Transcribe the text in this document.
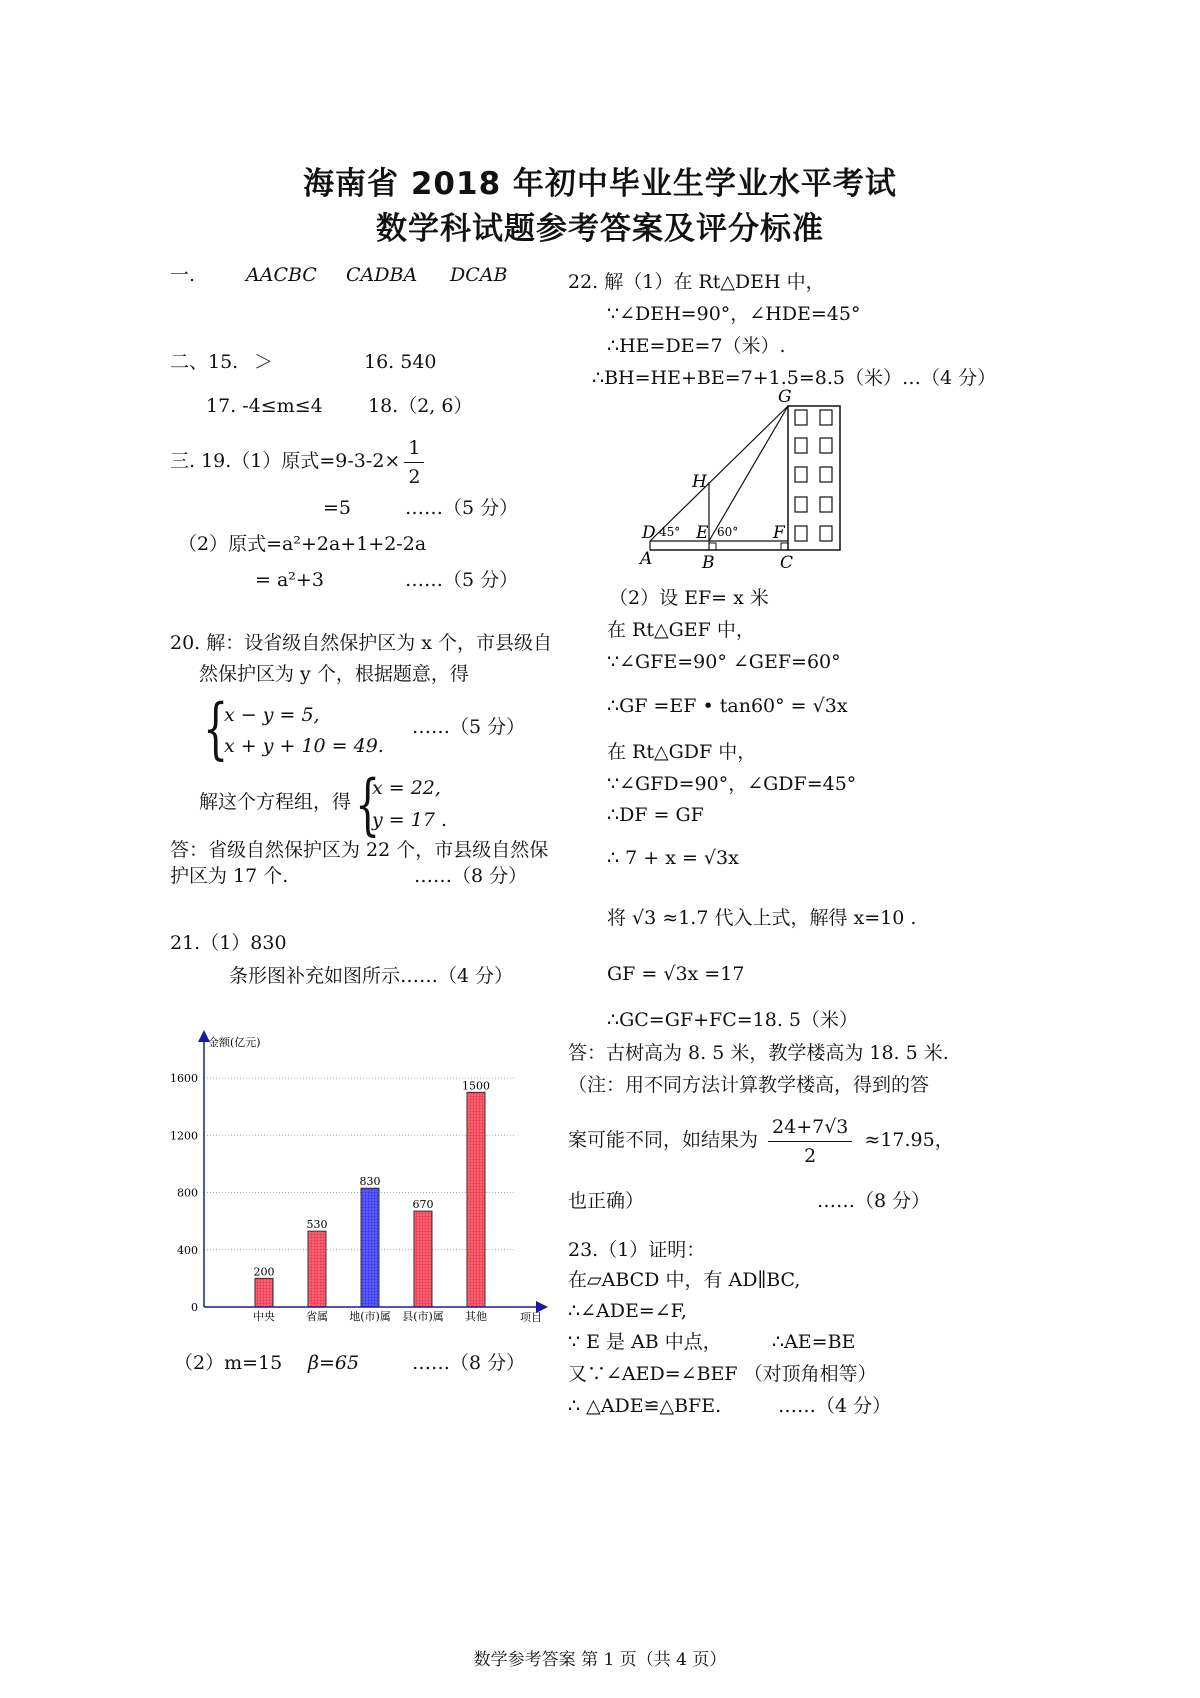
海南省 2018 年初中毕业生学业水平考试
数学科试题参考答案及评分标准
一.	AACBC CADBA DCAB
二、15. ＞	16. 540
17. -4≤m≤4 18.（2, 6）
三. 19.（1）原式$=9-3-2\times \frac{1}{2}$
=5	……（5 分）
（2）原式=a²+2a+1+2-2a
= a²+3	……（5 分）
20. 解：设省级自然保护区为 x 个，市县级自
然保护区为 y 个，根据题意，得
{
x − y = 5,
x + y + 10 = 49.
……（5 分）
解这个方程组，得 {
x = 22,
y = 17 .
答：省级自然保护区为 22 个，市县级自然保
护区为 17 个.	……（8 分）
21.（1）830
条形图补充如图所示……（4 分）
金额(亿元)
项目
0
400
800
1200
1600
200
中央
530
省属
830
地(市)属
670
县(市)属
1500
其他
（2）m=15 β=65	……（8 分）
22. 解（1）在 Rt△DEH 中，
∵∠DEH=90°，∠HDE=45°
∴HE=DE=7（米）.
∴BH=HE+BE=7+1.5=8.5（米）…（4 分）
G
H
D 45° E 60° F
A	B	C
（2）设 EF= x 米
在 Rt△GEF 中，
∵∠GFE=90° ∠GEF=60°
∴GF =EF • tan60° = √3x
在 Rt△GDF 中，
∵∠GFD=90°，∠GDF=45°
∴DF = GF
∴ 7 + x = √3x
将 √3 ≈1.7 代入上式，解得 x=10 .
GF = √3x =17
∴GC=GF+FC=18. 5（米）
答：古树高为 8. 5 米，教学楼高为 18. 5 米.
（注：用不同方法计算教学楼高，得到的答
案可能不同，如结果为 $\frac{24+7√3}{2} \approx 17.95$，
也正确）	……（8 分）
23.（1）证明：
在▱ABCD 中，有 AD∥BC,
∴∠ADE=∠F,
∵ E 是 AB 中点，	∴AE=BE
又∵∠AED=∠BEF （对顶角相等）
∴ △ADE≌△BFE.	……（4 分）
数学参考答案 第 1 页（共 4 页）
